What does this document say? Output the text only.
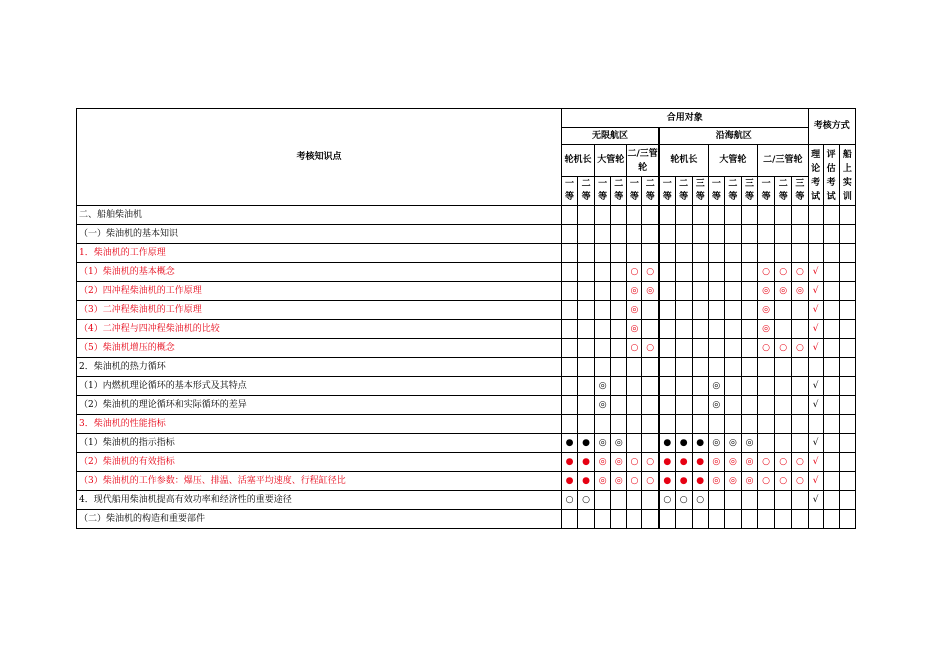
考核知识点	合用对象															考核方式		
	无限航区						沿海航区											
	轮机长		大管轮		二/三管轮		轮机长			大管轮			二/三管轮			理论考试	评估考试	船上实训
	一等	二等	一等	二等	一等	二等	一等	二等	三等	一等	二等	三等	一等	二等	三等			
二、船舶柴油机																		
（一）柴油机的基本知识																		
1．柴油机的工作原理																		
（1）柴油机的基本概念					○	○							○	○	○	√		
（2）四冲程柴油机的工作原理					◎	◎							◎	◎	◎	√		
（3）二冲程柴油机的工作原理					◎								◎			√		
（4）二冲程与四冲程柴油机的比较					◎								◎			√		
（5）柴油机增压的概念					○	○							○	○	○	√		
2．柴油机的热力循环																		
（1）内燃机理论循环的基本形式及其特点			◎							◎						√		
（2）柴油机的理论循环和实际循环的差异			◎							◎						√		
3．柴油机的性能指标																		
（1）柴油机的指示指标	●	●	◎	◎			●	●	●	◎	◎	◎				√		
（2）柴油机的有效指标	●	●	◎	◎	○	○	●	●	●	◎	◎	◎	○	○	○	√		
（3）柴油机的工作参数：爆压、排温、活塞平均速度、行程缸径比	●	●	◎	◎	○	○	●	●	●	◎	◎	◎	○	○	○	√		
4．现代船用柴油机提高有效功率和经济性的重要途径	○	○					○	○	○							√		
（二）柴油机的构造和重要部件																		
